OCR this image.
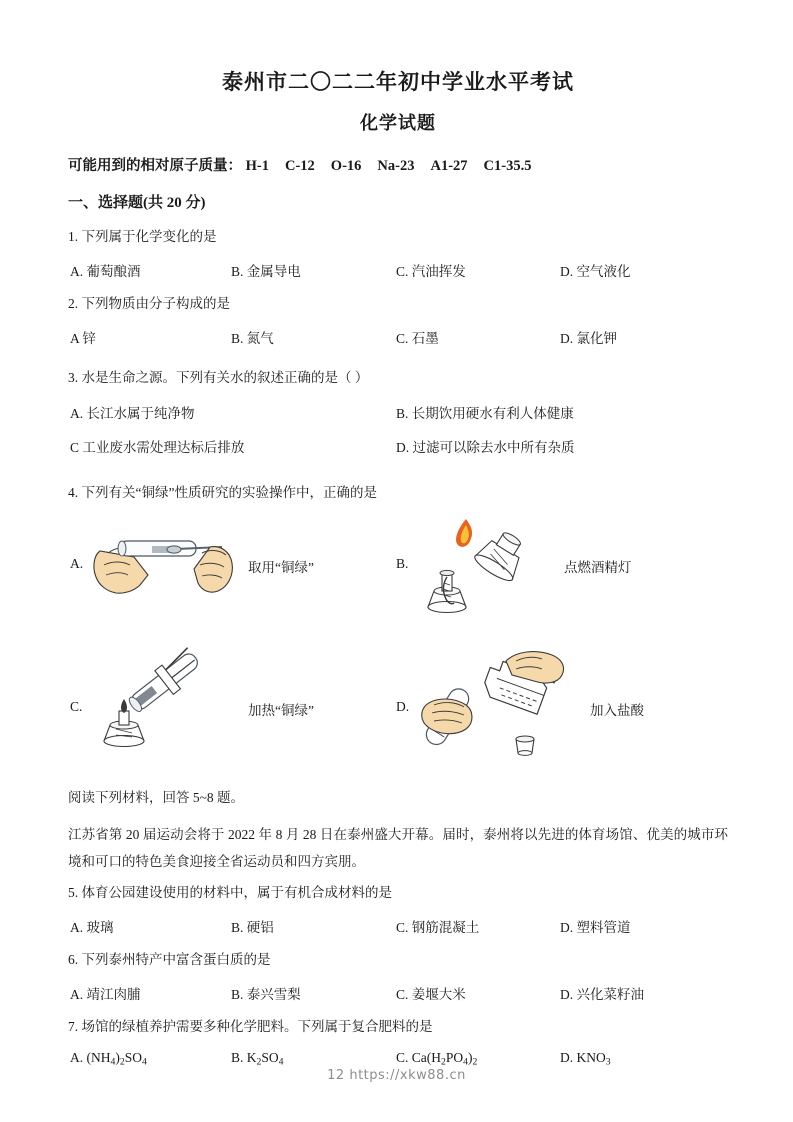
泰州市二〇二二年初中学业水平考试
化学试题
可能用到的相对原子质量： H-1 C-12 O-16 Na-23 A1-27 C1-35.5
一、选择题(共 20 分)
1. 下列属于化学变化的是
A. 葡萄酿酒	B. 金属导电	C. 汽油挥发	D. 空气液化
2. 下列物质由分子构成的是
A 锌	B. 氮气	C. 石墨	D. 氯化钾
3. 水是生命之源。下列有关水的叙述正确的是（ ）
A. 长江水属于纯净物	B. 长期饮用硬水有利人体健康
C 工业废水需处理达标后排放	D. 过滤可以除去水中所有杂质
4. 下列有关“铜绿”性质研究的实验操作中，正确的是
A.	取用“铜绿”	B.	点燃酒精灯
C.	加热“铜绿”	D.	加入盐酸
阅读下列材料，回答 5~8 题。
江苏省第 20 届运动会将于 2022 年 8 月 28 日在泰州盛大开幕。届时，泰州将以先进的体育场馆、优美的城市环境和可口的特色美食迎接全省运动员和四方宾朋。
5. 体育公园建设使用的材料中，属于有机合成材料的是
A. 玻璃	B. 硬铝	C. 钢筋混凝土	D. 塑料管道
6. 下列泰州特产中富含蛋白质的是
A. 靖江肉脯	B. 泰兴雪梨	C. 姜堰大米	D. 兴化菜籽油
7. 场馆的绿植养护需要多种化学肥料。下列属于复合肥料的是
A. $(NH_4)_2SO_4$	B. $K_2SO_4$	C. $Ca(H_2PO_4)_2$	D. $KNO_3$
12 https://xkw88.cn
